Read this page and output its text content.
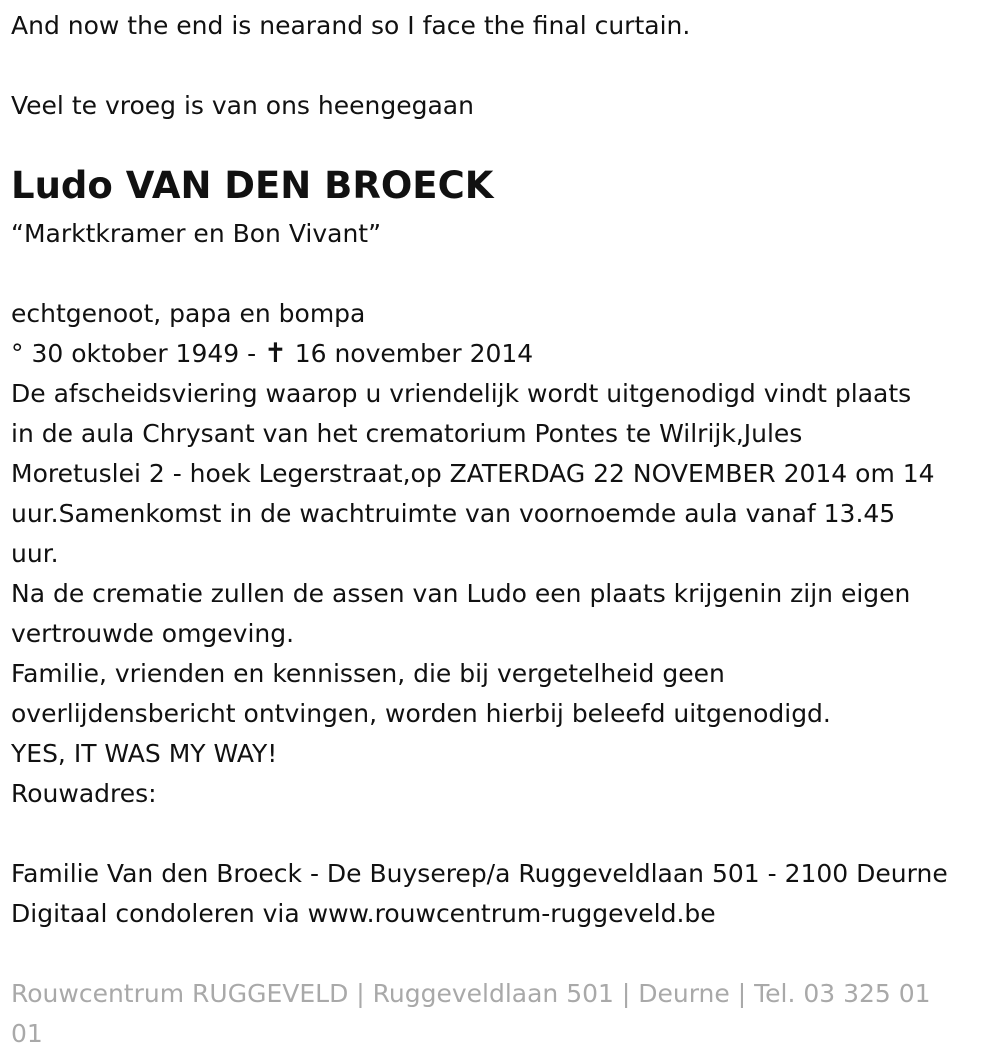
And now the end is nearand so I face the final curtain.
Veel te vroeg is van ons heengegaan
Ludo VAN DEN BROECK
“Marktkramer en Bon Vivant”
echtgenoot, papa en bompa
° 30 oktober 1949 - ✝ 16 november 2014
De afscheidsviering waarop u vriendelijk wordt uitgenodigd vindt plaats
in de aula Chrysant van het crematorium Pontes te Wilrijk,Jules
Moretuslei 2 - hoek Legerstraat,op ZATERDAG 22 NOVEMBER 2014 om 14
uur.Samenkomst in de wachtruimte van voornoemde aula vanaf 13.45
uur.
Na de crematie zullen de assen van Ludo een plaats krijgenin zijn eigen
vertrouwde omgeving.
Familie, vrienden en kennissen, die bij vergetelheid geen
overlijdensbericht ontvingen, worden hierbij beleefd uitgenodigd.
YES, IT WAS MY WAY!
Rouwadres:
Familie Van den Broeck - De Buyserep/a Ruggeveldlaan 501 - 2100 Deurne
Digitaal condoleren via www.rouwcentrum-ruggeveld.be
Rouwcentrum RUGGEVELD | Ruggeveldlaan 501 | Deurne | Tel. 03 325 01
01
